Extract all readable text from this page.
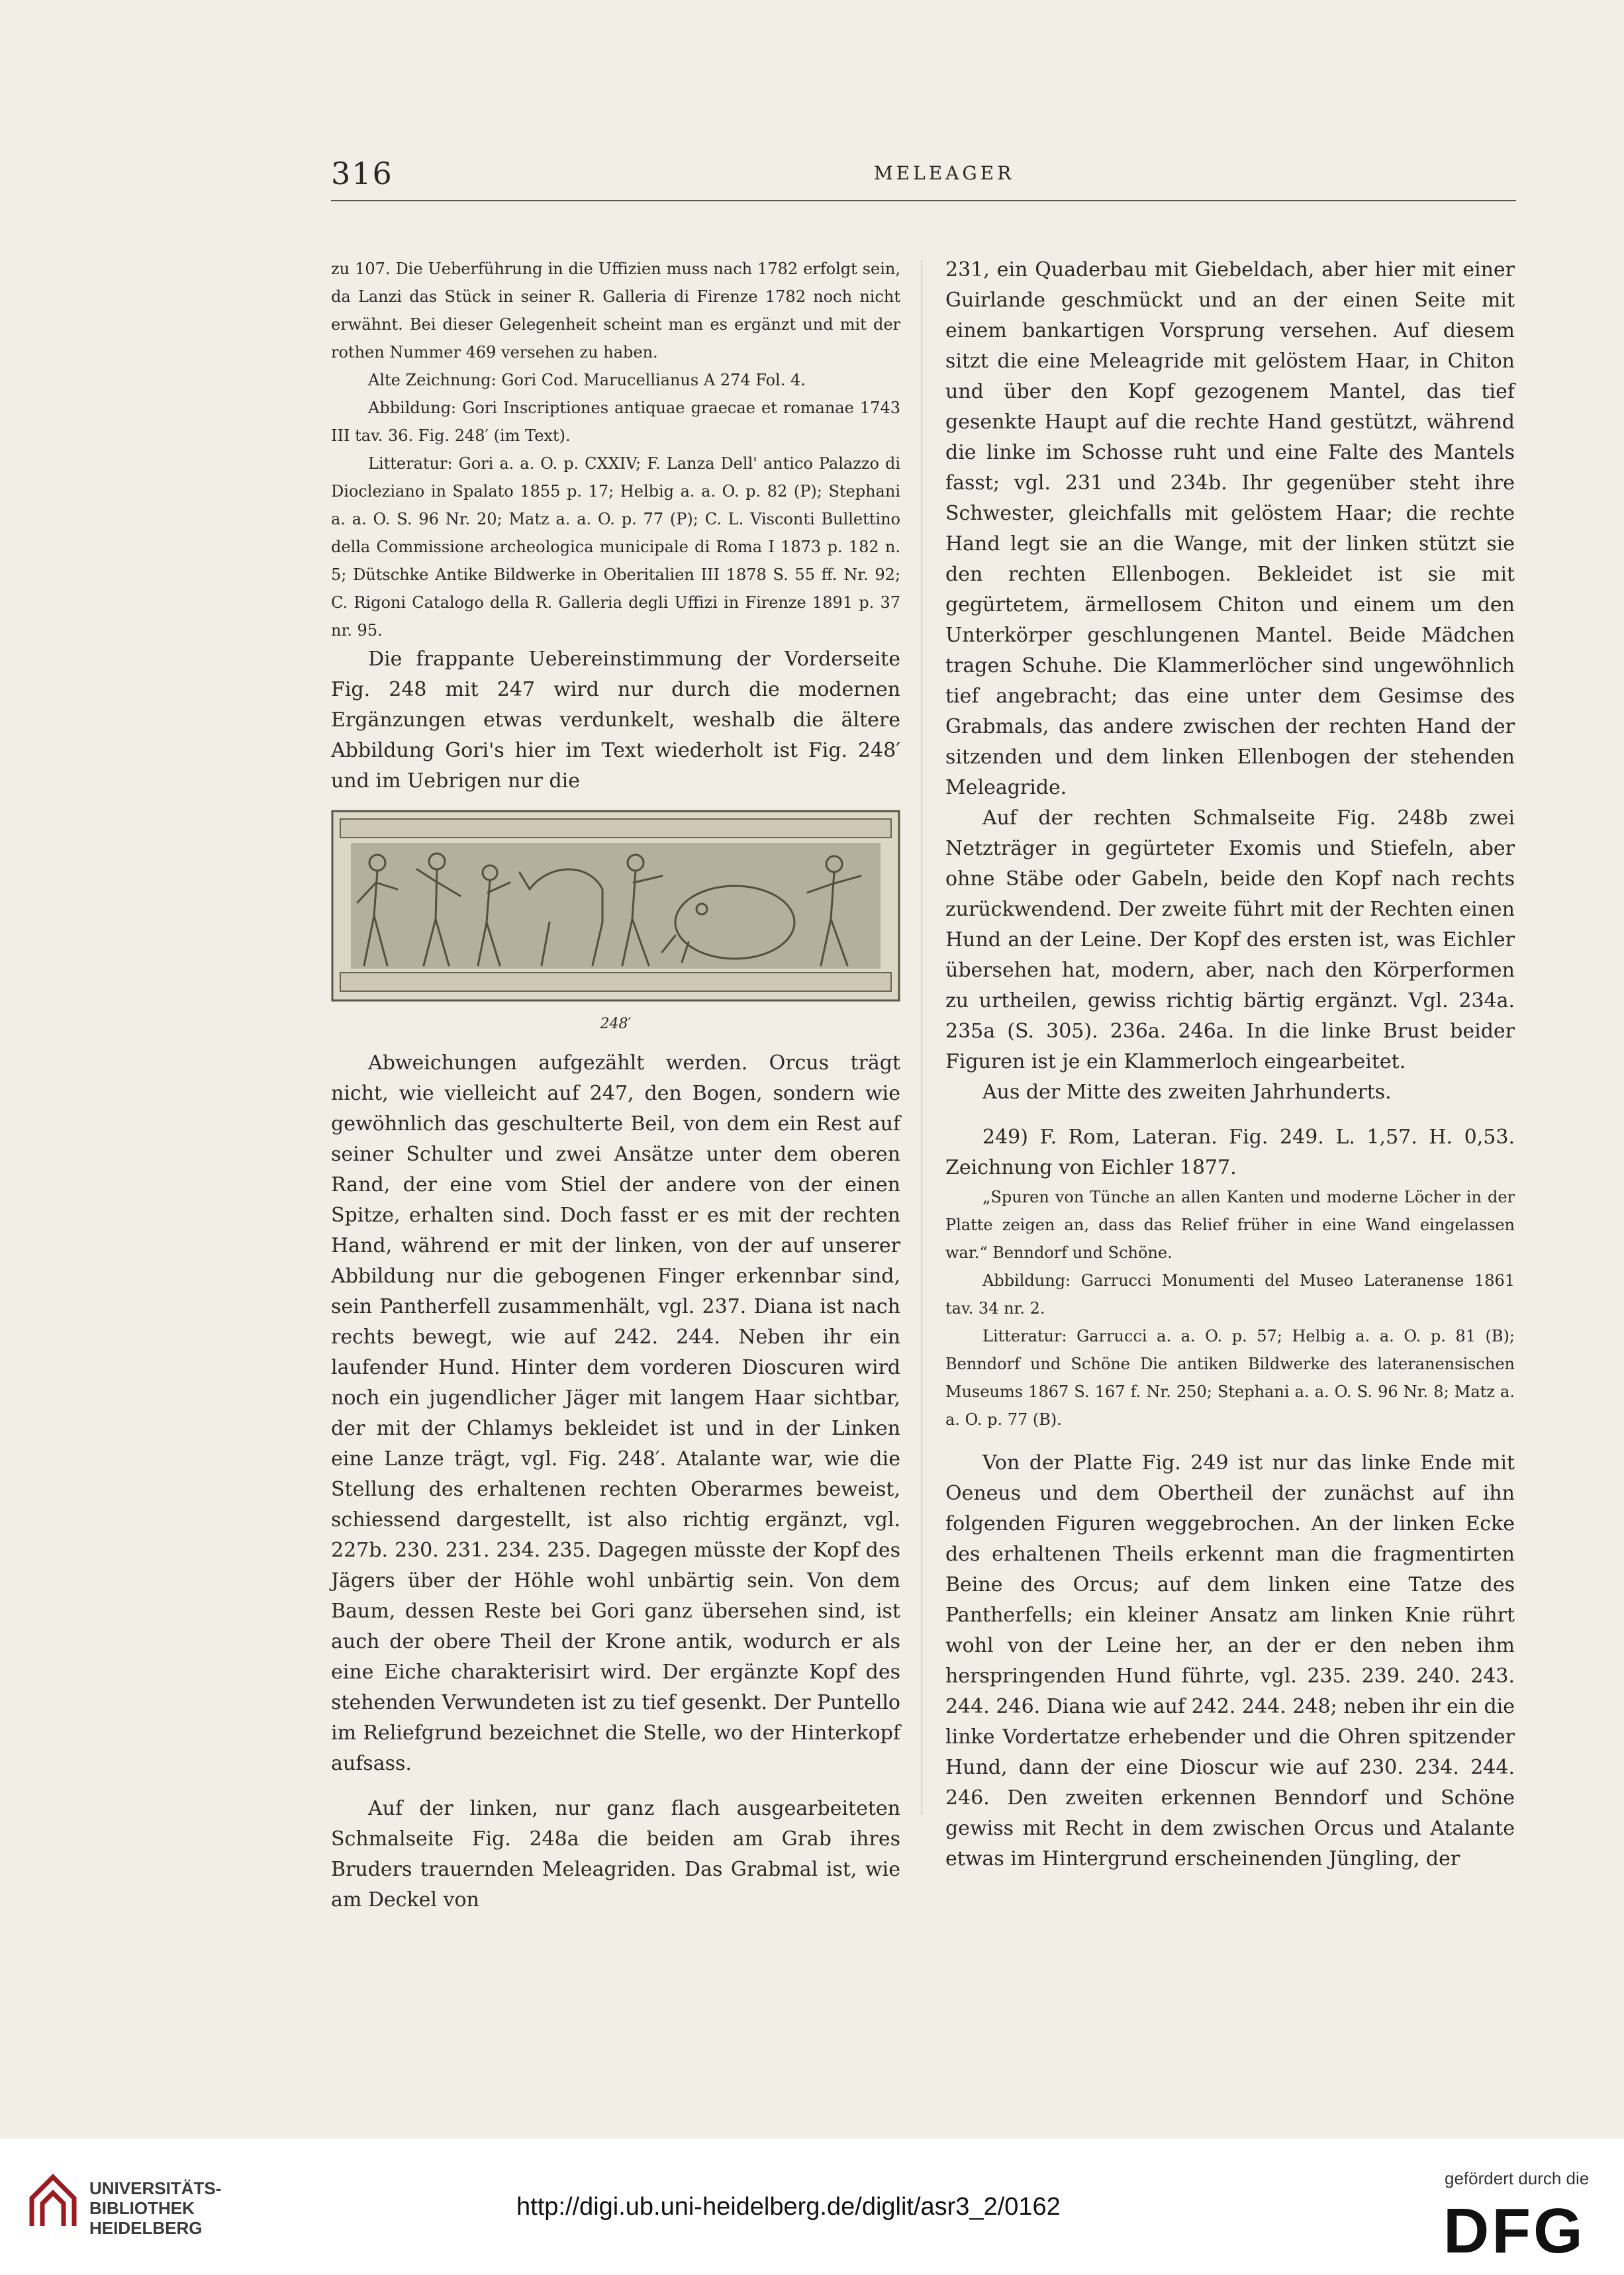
316	MELEAGER

zu 107. Die Ueberführung in die Uffizien muss nach 1782 erfolgt sein, da Lanzi das Stück in seiner R. Galleria di Firenze 1782 noch nicht erwähnt. Bei dieser Gelegenheit scheint man es ergänzt und mit der rothen Nummer 469 versehen zu haben.

Alte Zeichnung: Gori Cod. Marucellianus A 274 Fol. 4.

Abbildung: Gori Inscriptiones antiquae graecae et romanae 1743 III tav. 36. Fig. 248′ (im Text).

Litteratur: Gori a. a. O. p. CXXIV; F. Lanza Dell' antico Palazzo di Diocleziano in Spalato 1855 p. 17; Helbig a. a. O. p. 82 (P); Stephani a. a. O. S. 96 Nr. 20; Matz a. a. O. p. 77 (P); C. L. Visconti Bullettino della Commissione archeologica municipale di Roma I 1873 p. 182 n. 5; Dütschke Antike Bildwerke in Oberitalien III 1878 S. 55 ff. Nr. 92; C. Rigoni Catalogo della R. Galleria degli Uffizi in Firenze 1891 p. 37 nr. 95.

Die frappante Uebereinstimmung der Vorderseite Fig. 248 mit 247 wird nur durch die modernen Ergänzungen etwas verdunkelt, weshalb die ältere Abbildung Gori's hier im Text wiederholt ist Fig. 248′ und im Uebrigen nur die

248′

Abweichungen aufgezählt werden. Orcus trägt nicht, wie vielleicht auf 247, den Bogen, sondern wie gewöhnlich das geschulterte Beil, von dem ein Rest auf seiner Schulter und zwei Ansätze unter dem oberen Rand, der eine vom Stiel der andere von der einen Spitze, erhalten sind. Doch fasst er es mit der rechten Hand, während er mit der linken, von der auf unserer Abbildung nur die gebogenen Finger erkennbar sind, sein Pantherfell zusammenhält, vgl. 237. Diana ist nach rechts bewegt, wie auf 242. 244. Neben ihr ein laufender Hund. Hinter dem vorderen Dioscuren wird noch ein jugendlicher Jäger mit langem Haar sichtbar, der mit der Chlamys bekleidet ist und in der Linken eine Lanze trägt, vgl. Fig. 248′. Atalante war, wie die Stellung des erhaltenen rechten Oberarmes beweist, schiessend dargestellt, ist also richtig ergänzt, vgl. 227b. 230. 231. 234. 235. Dagegen müsste der Kopf des Jägers über der Höhle wohl unbärtig sein. Von dem Baum, dessen Reste bei Gori ganz übersehen sind, ist auch der obere Theil der Krone antik, wodurch er als eine Eiche charakterisirt wird. Der ergänzte Kopf des stehenden Verwundeten ist zu tief gesenkt. Der Puntello im Reliefgrund bezeichnet die Stelle, wo der Hinterkopf aufsass.

Auf der linken, nur ganz flach ausgearbeiteten Schmalseite Fig. 248a die beiden am Grab ihres Bruders trauernden Meleagriden. Das Grabmal ist, wie am Deckel von

231, ein Quaderbau mit Giebeldach, aber hier mit einer Guirlande geschmückt und an der einen Seite mit einem bankartigen Vorsprung versehen. Auf diesem sitzt die eine Meleagride mit gelöstem Haar, in Chiton und über den Kopf gezogenem Mantel, das tief gesenkte Haupt auf die rechte Hand gestützt, während die linke im Schosse ruht und eine Falte des Mantels fasst; vgl. 231 und 234b. Ihr gegenüber steht ihre Schwester, gleichfalls mit gelöstem Haar; die rechte Hand legt sie an die Wange, mit der linken stützt sie den rechten Ellenbogen. Bekleidet ist sie mit gegürtetem, ärmellosem Chiton und einem um den Unterkörper geschlungenen Mantel. Beide Mädchen tragen Schuhe. Die Klammerlöcher sind ungewöhnlich tief angebracht; das eine unter dem Gesimse des Grabmals, das andere zwischen der rechten Hand der sitzenden und dem linken Ellenbogen der stehenden Meleagride.

Auf der rechten Schmalseite Fig. 248b zwei Netzträger in gegürteter Exomis und Stiefeln, aber ohne Stäbe oder Gabeln, beide den Kopf nach rechts zurückwendend. Der zweite führt mit der Rechten einen Hund an der Leine. Der Kopf des ersten ist, was Eichler übersehen hat, modern, aber, nach den Körperformen zu urtheilen, gewiss richtig bärtig ergänzt. Vgl. 234a. 235a (S. 305). 236a. 246a. In die linke Brust beider Figuren ist je ein Klammerloch eingearbeitet.

Aus der Mitte des zweiten Jahrhunderts.

249) F. Rom, Lateran. Fig. 249. L. 1,57. H. 0,53. Zeichnung von Eichler 1877.

„Spuren von Tünche an allen Kanten und moderne Löcher in der Platte zeigen an, dass das Relief früher in eine Wand eingelassen war.“ Benndorf und Schöne.

Abbildung: Garrucci Monumenti del Museo Lateranense 1861 tav. 34 nr. 2.

Litteratur: Garrucci a. a. O. p. 57; Helbig a. a. O. p. 81 (B); Benndorf und Schöne Die antiken Bildwerke des lateranensischen Museums 1867 S. 167 f. Nr. 250; Stephani a. a. O. S. 96 Nr. 8; Matz a. a. O. p. 77 (B).

Von der Platte Fig. 249 ist nur das linke Ende mit Oeneus und dem Obertheil der zunächst auf ihn folgenden Figuren weggebrochen. An der linken Ecke des erhaltenen Theils erkennt man die fragmentirten Beine des Orcus; auf dem linken eine Tatze des Pantherfells; ein kleiner Ansatz am linken Knie rührt wohl von der Leine her, an der er den neben ihm herspringenden Hund führte, vgl. 235. 239. 240. 243. 244. 246. Diana wie auf 242. 244. 248; neben ihr ein die linke Vordertatze erhebender und die Ohren spitzender Hund, dann der eine Dioscur wie auf 230. 234. 244. 246. Den zweiten erkennen Benndorf und Schöne gewiss mit Recht in dem zwischen Orcus und Atalante etwas im Hintergrund erscheinenden Jüngling, der

UNIVERSITÄTS-
BIBLIOTHEK
HEIDELBERG
http://digi.ub.uni-heidelberg.de/diglit/asr3_2/0162
gefördert durch die
DFG
